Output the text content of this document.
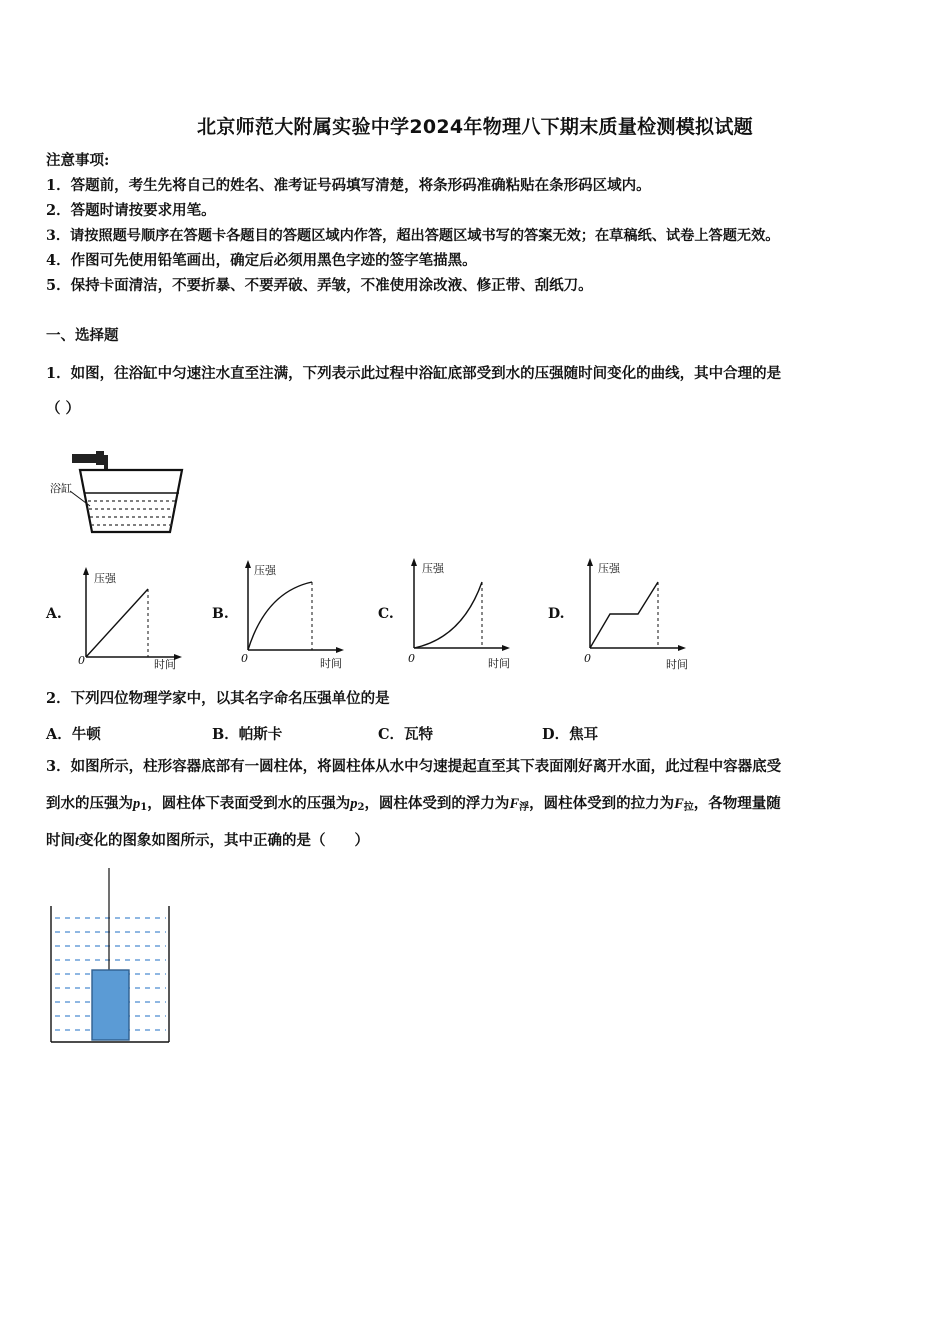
北京师范大附属实验中学2024年物理八下期末质量检测模拟试题
注意事项:
1．答题前，考生先将自己的姓名、准考证号码填写清楚，将条形码准确粘贴在条形码区域内。
2．答题时请按要求用笔。
3．请按照题号顺序在答题卡各题目的答题区域内作答，超出答题区域书写的答案无效；在草稿纸、试卷上答题无效。
4．作图可先使用铅笔画出，确定后必须用黑色字迹的签字笔描黑。
5．保持卡面清洁，不要折暴、不要弄破、弄皱，不准使用涂改液、修正带、刮纸刀。
一、选择题
1．如图，往浴缸中匀速注水直至注满，下列表示此过程中浴缸底部受到水的压强随时间变化的曲线，其中合理的是
（ ）
浴缸
A.
压强
时间
0
B.
压强
时间
0
C.
压强
时间
0
D.
压强
时间
0
2．下列四位物理学家中，以其名字命名压强单位的是
A．牛顿	B．帕斯卡	C．瓦特	D．焦耳
3．如图所示，柱形容器底部有一圆柱体，将圆柱体从水中匀速提起直至其下表面刚好离开水面，此过程中容器底受
到水的压强为$p_1$，圆柱体下表面受到水的压强为$p_2$，圆柱体受到的浮力为$F_浮$，圆柱体受到的拉力为$F_拉$，各物理量随
时间t变化的图象如图所示，其中正确的是（　　）
